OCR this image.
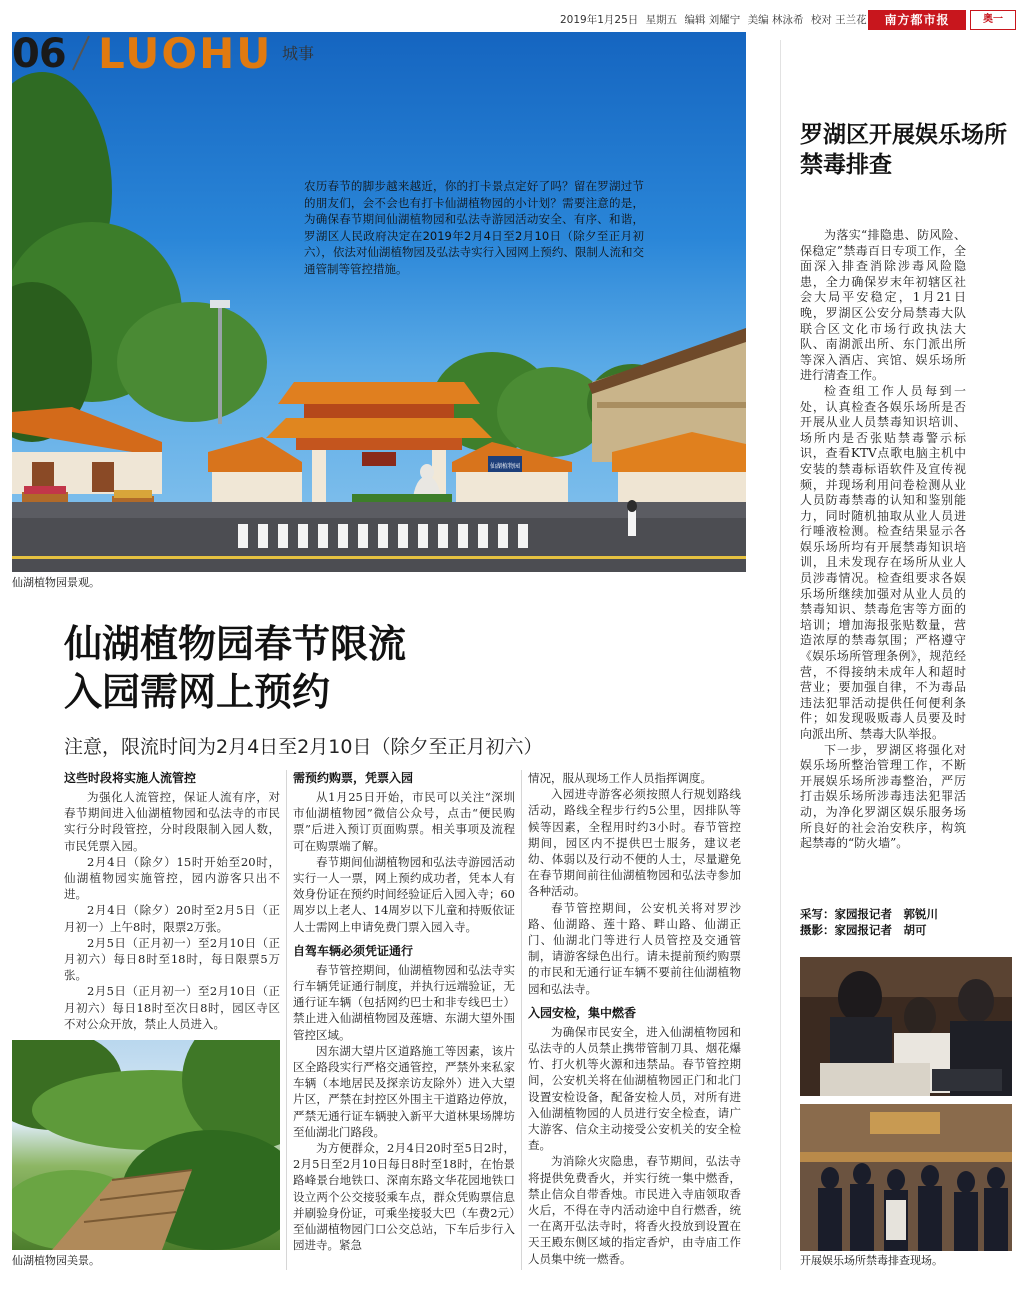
仙湖植物园
2019年1月25日 星期五 编辑 刘耀宁 美编 林泳希 校对 王兰花	南方都市报	奥一
06 LUOHU 城事
农历春节的脚步越来越近，你的打卡景点定好了吗？留在罗湖过节的朋友们，会不会也有打卡仙湖植物园的小计划？需要注意的是，为确保春节期间仙湖植物园和弘法寺游园活动安全、有序、和谐，罗湖区人民政府决定在2019年2月4日至2月10日（除夕至正月初六），依法对仙湖植物园及弘法寺实行入园网上预约、限制人流和交通管制等管控措施。
仙湖植物园景观。
罗湖区开展娱乐场所禁毒排查

为落实“排隐患、防风险、保稳定”禁毒百日专项工作，全面深入排查消除涉毒风险隐患，全力确保岁末年初辖区社会大局平安稳定，1月21日晚，罗湖区公安分局禁毒大队联合区文化市场行政执法大队、南湖派出所、东门派出所等深入酒店、宾馆、娱乐场所进行清查工作。

检查组工作人员每到一处，认真检查各娱乐场所是否开展从业人员禁毒知识培训、场所内是否张贴禁毒警示标识，查看KTV点歌电脑主机中安装的禁毒标语软件及宣传视频，并现场利用问卷检测从业人员防毒禁毒的认知和鉴别能力，同时随机抽取从业人员进行唾液检测。检查结果显示各娱乐场所均有开展禁毒知识培训，且未发现存在场所从业人员涉毒情况。检查组要求各娱乐场所继续加强对从业人员的禁毒知识、禁毒危害等方面的培训；增加海报张贴数量，营造浓厚的禁毒氛围；严格遵守《娱乐场所管理条例》，规范经营，不得接纳未成年人和超时营业；要加强自律，不为毒品违法犯罪活动提供任何便利条件；如发现吸贩毒人员要及时向派出所、禁毒大队举报。

下一步，罗湖区将强化对娱乐场所整治管理工作，不断开展娱乐场所涉毒整治，严厉打击娱乐场所涉毒违法犯罪活动，为净化罗湖区娱乐服务场所良好的社会治安秩序，构筑起禁毒的“防火墙”。

采写：家园报记者　郭锐川
摄影：家园报记者　胡可
开展娱乐场所禁毒排查现场。
仙湖植物园春节限流
入园需网上预约
注意，限流时间为2月4日至2月10日（除夕至正月初六）
这些时段将实施人流管控

为强化人流管控，保证人流有序，对春节期间进入仙湖植物园和弘法寺的市民实行分时段管控，分时段限制入园人数，市民凭票入园。

2月4日（除夕）15时开始至20时，仙湖植物园实施管控，园内游客只出不进。

2月4日（除夕）20时至2月5日（正月初一）上午8时，限票2万张。

2月5日（正月初一）至2月10日（正月初六）每日8时至18时，每日限票5万张。

2月5日（正月初一）至2月10日（正月初六）每日18时至次日8时，园区寺区不对公众开放，禁止人员进入。

仙湖植物园美景。
需预约购票，凭票入园

从1月25日开始，市民可以关注“深圳市仙湖植物园”微信公众号，点击“便民购票”后进入预订页面购票。相关事项及流程可在购票端了解。

春节期间仙湖植物园和弘法寺游园活动实行一人一票，网上预约成功者，凭本人有效身份证在预约时间经验证后入园入寺；60周岁以上老人、14周岁以下儿童和持贩依证人士需网上申请免费门票入园入寺。

自驾车辆必须凭证通行

春节管控期间，仙湖植物园和弘法寺实行车辆凭证通行制度，并执行远端验证，无通行证车辆（包括网约巴士和非专线巴士）禁止进入仙湖植物园及莲塘、东湖大望外围管控区域。

因东湖大望片区道路施工等因素，该片区全路段实行严格交通管控，严禁外来私家车辆（本地居民及探亲访友除外）进入大望片区，严禁在封控区外围主干道路边停放，严禁无通行证车辆驶入新平大道林果场牌坊至仙湖北门路段。

为方便群众，2月4日20时至5日2时，2月5日至2月10日每日8时至18时，在怡景路峰景台地铁口、深南东路文华花园地铁口设立两个公交接驳乘车点，群众凭购票信息并刷验身份证，可乘坐接驳大巴（车费2元）至仙湖植物园门口公交总站，下车后步行入园进寺。紧急

情况，服从现场工作人员指挥调度。

入园进寺游客必须按照人行规划路线活动，路线全程步行约5公里，因排队等候等因素，全程用时约3小时。春节管控期间，园区内不提供巴士服务，建议老幼、体弱以及行动不便的人士，尽量避免在春节期间前往仙湖植物园和弘法寺参加各种活动。

春节管控期间，公安机关将对罗沙路、仙湖路、莲十路、畔山路、仙湖正门、仙湖北门等进行人员管控及交通管制，请游客绿色出行。请未提前预约购票的市民和无通行证车辆不要前往仙湖植物园和弘法寺。

入园安检，集中燃香

为确保市民安全，进入仙湖植物园和弘法寺的人员禁止携带管制刀具、烟花爆竹、打火机等火源和违禁品。春节管控期间，公安机关将在仙湖植物园正门和北门设置安检设备，配备安检人员，对所有进入仙湖植物园的人员进行安全检查，请广大游客、信众主动接受公安机关的安全检查。

为消除火灾隐患，春节期间，弘法寺将提供免费香火，并实行统一集中燃香，禁止信众自带香烛。市民进入寺庙领取香火后，不得在寺内活动途中自行燃香，统一在离开弘法寺时，将香火投放到设置在天王殿东侧区域的指定香炉，由寺庙工作人员集中统一燃香。
